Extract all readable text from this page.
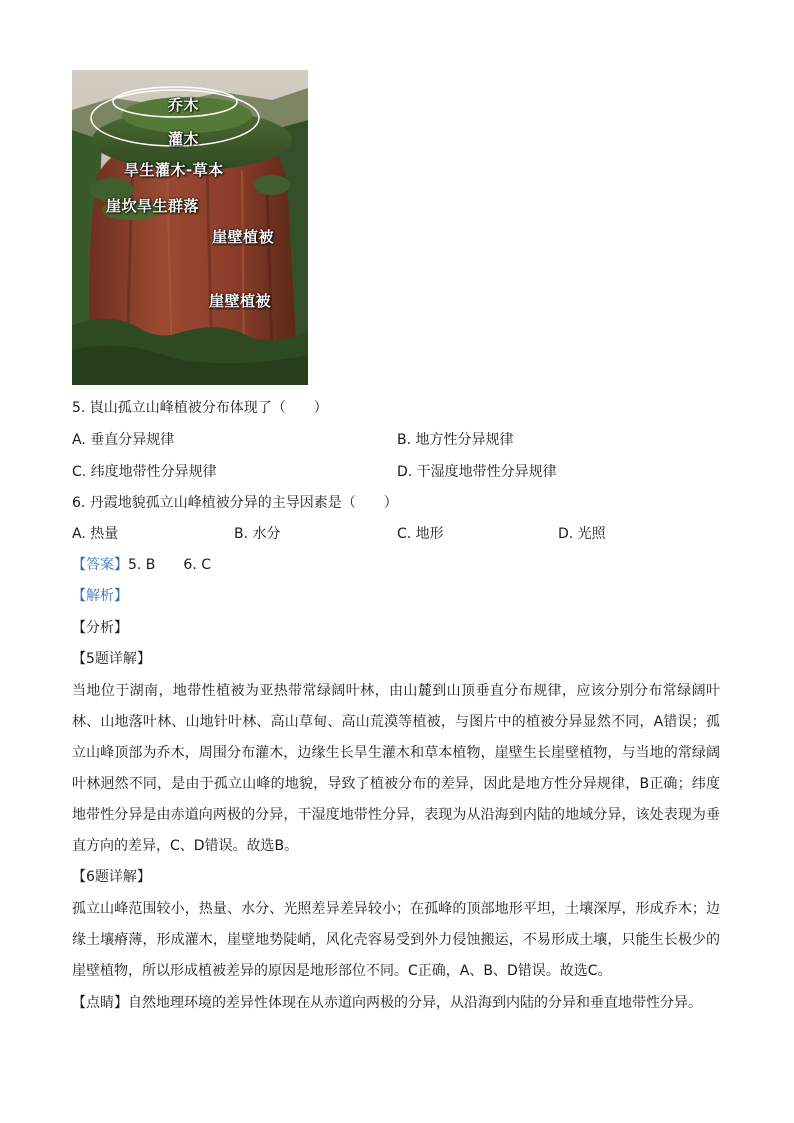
乔木
灌木
旱生灌木-草本
崖坎旱生群落
崖壁植被
崖壁植被
5. 崀山孤立山峰植被分布体现了（　　）
A. 垂直分异规律	B. 地方性分异规律
C. 纬度地带性分异规律	D. 干湿度地带性分异规律
6. 丹霞地貌孤立山峰植被分异的主导因素是（　　）
A. 热量	B. 水分	C. 地形	D. 光照
【答案】5. B　　6. C
【解析】
【分析】
【5题详解】
当地位于湖南，地带性植被为亚热带常绿阔叶林，由山麓到山顶垂直分布规律，应该分别分布常绿阔叶林、山地落叶林、山地针叶林、高山草甸、高山荒漠等植被，与图片中的植被分异显然不同，A错误；孤立山峰顶部为乔木，周围分布灌木，边缘生长旱生灌木和草本植物，崖壁生长崖壁植物，与当地的常绿阔叶林迥然不同，是由于孤立山峰的地貌，导致了植被分布的差异，因此是地方性分异规律，B正确；纬度地带性分异是由赤道向两极的分异，干湿度地带性分异，表现为从沿海到内陆的地域分异，该处表现为垂直方向的差异，C、D错误。故选B。
【6题详解】
孤立山峰范围较小，热量、水分、光照差异差异较小；在孤峰的顶部地形平坦，土壤深厚，形成乔木；边缘土壤瘠薄，形成灌木，崖壁地势陡峭，风化壳容易受到外力侵蚀搬运，不易形成土壤，只能生长极少的崖壁植物，所以形成植被差异的原因是地形部位不同。C正确，A、B、D错误。故选C。
【点睛】自然地理环境的差异性体现在从赤道向两极的分异，从沿海到内陆的分异和垂直地带性分异。
